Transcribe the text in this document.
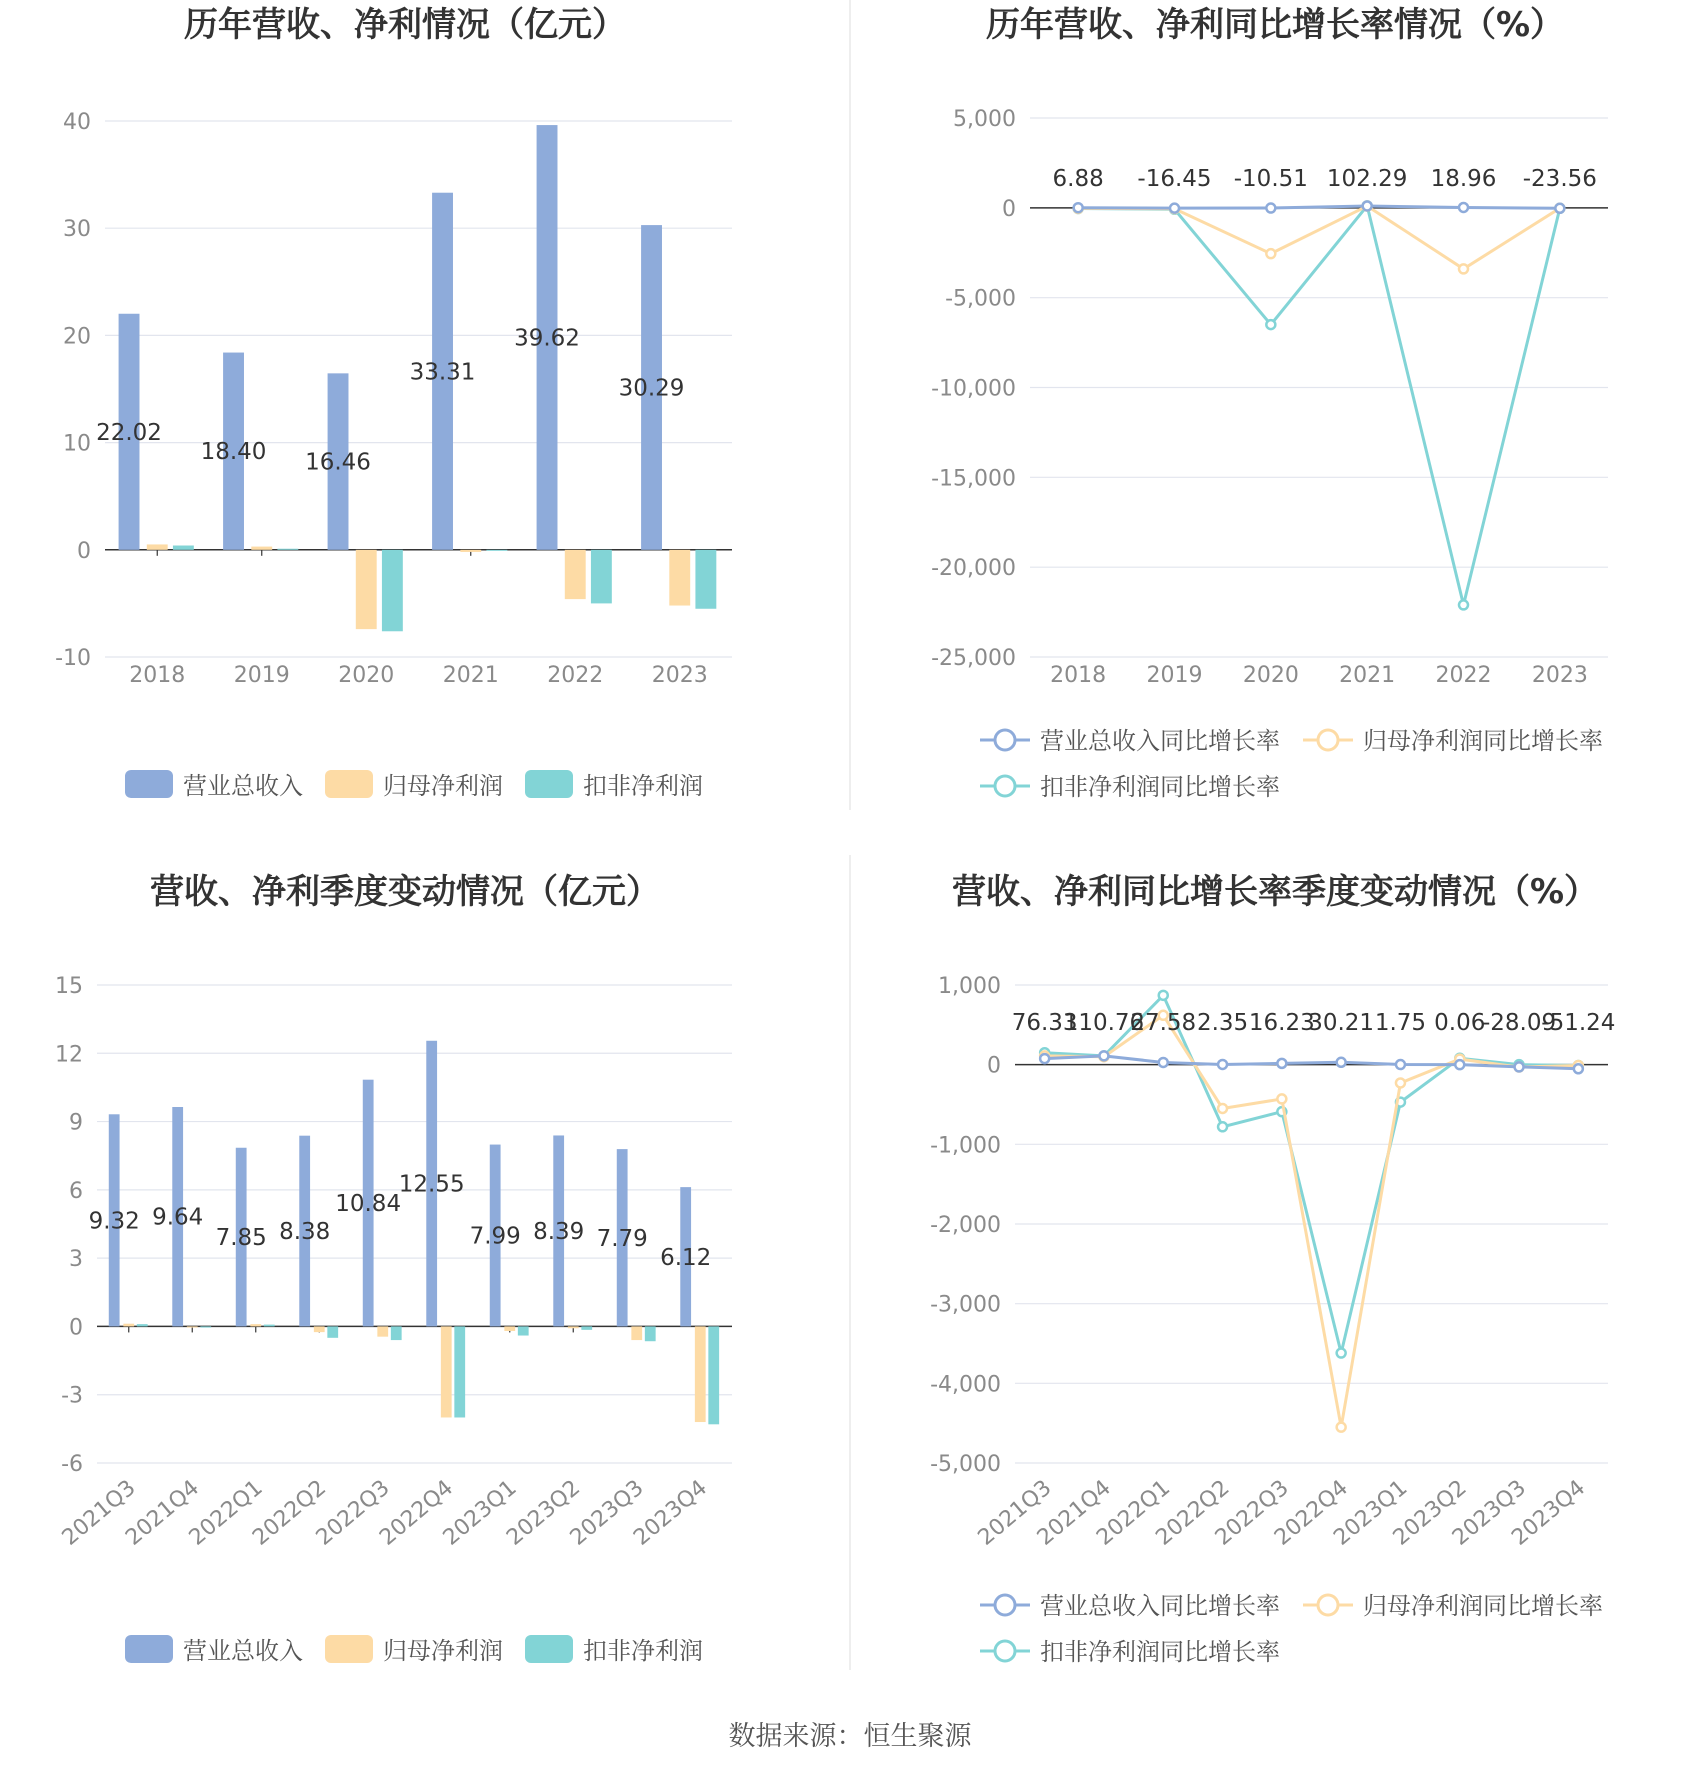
数据来源：恒生聚源
历年营收、净利情况（亿元）
40
30
20
10
0
-10
2018 2019 2020 2021 2022 2023
22.02
18.40 16.46
33.31
39.62
30.29
营业总收入	归母净利润	扣非净利润
历年营收、净利同比增长率情况（%）
5,000
0
-5,000
-10,000
-15,000
-20,000
-25,000
2018 2019 2020 2021 2022 2023
6.88 -16.45 -10.51 102.29 18.96 -23.56
营业总收入同比增长率	归母净利润同比增长率
扣非净利润同比增长率
营收、净利季度变动情况（亿元）
15
12
9
6
3
0
-3
-6
2021Q3
2021Q4
2022Q1
2022Q2
2022Q3
2022Q4
2023Q1
2023Q2
2023Q3
2023Q4
9.32 9.64
7.85 8.38
10.84
12.55
7.99 8.39 7.79
6.12
营业总收入	归母净利润	扣非净利润
营收、净利同比增长率季度变动情况（%）
1,000
0
-1,000
-2,000
-3,000
-4,000
-5,000
2021Q3
2021Q4
2022Q1
2022Q2
2022Q3
2022Q4
2023Q1
2023Q2
2023Q3
2023Q4
76.33
110.76
27.58 2.35 16.23
30.21 1.75 0.06
-28.09
-51.24
营业总收入同比增长率	归母净利润同比增长率
扣非净利润同比增长率
